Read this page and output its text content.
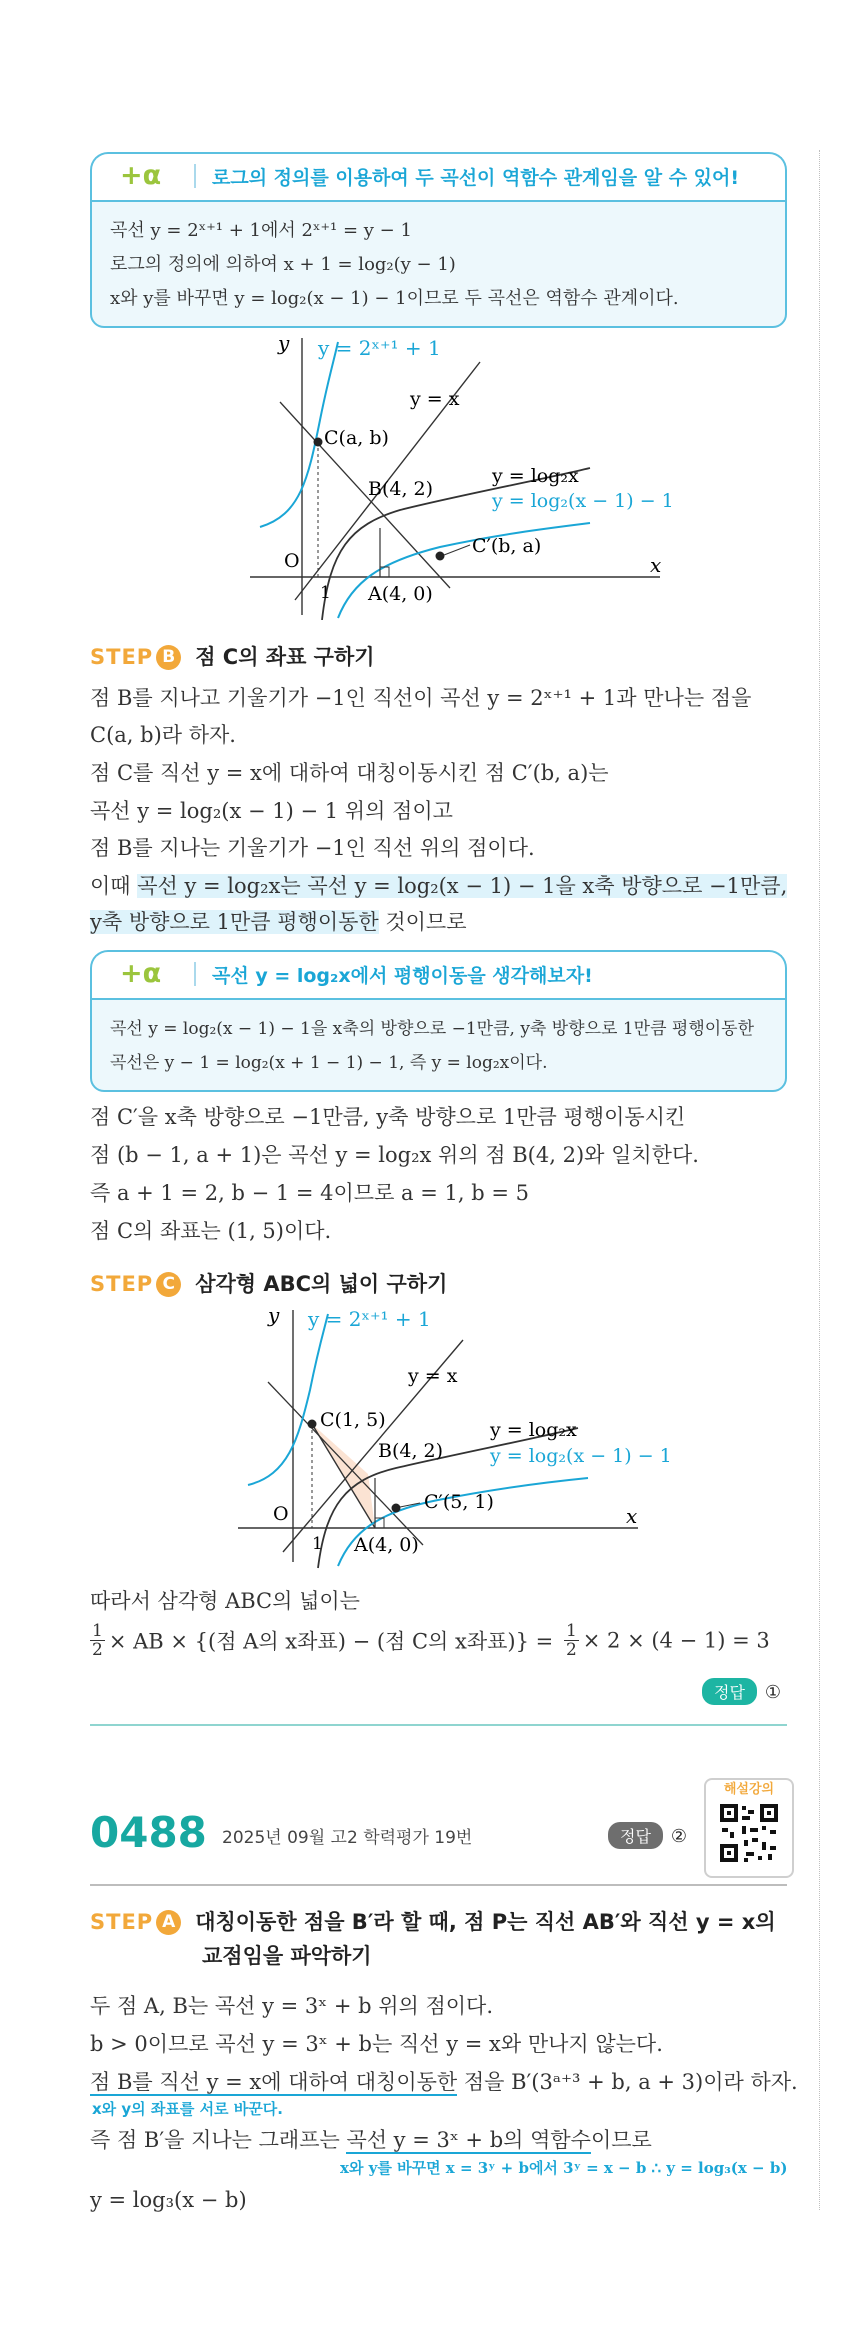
+α	로그의 정의를 이용하여 두 곡선이 역함수 관계임을 알 수 있어!
곡선 y = 2ˣ⁺¹ + 1에서 2ˣ⁺¹ = y − 1
로그의 정의에 의하여 x + 1 = log₂(y − 1)
x와 y를 바꾸면 y = log₂(x − 1) − 1이므로 두 곡선은 역함수 관계이다.
y
x
O
1
y = 2ˣ⁺¹ + 1
y = x
y = log₂x
y = log₂(x − 1) − 1
C(a, b)
B(4, 2)
C′(b, a)
A(4, 0)
STEP B 점 C의 좌표 구하기
점 B를 지나고 기울기가 −1인 직선이 곡선 y = 2ˣ⁺¹ + 1과 만나는 점을
C(a, b)라 하자.
점 C를 직선 y = x에 대하여 대칭이동시킨 점 C′(b, a)는
곡선 y = log₂(x − 1) − 1 위의 점이고
점 B를 지나는 기울기가 −1인 직선 위의 점이다.
이때 곡선 y = log₂x는 곡선 y = log₂(x − 1) − 1을 x축 방향으로 −1만큼,
y축 방향으로 1만큼 평행이동한 것이므로
+α	곡선 y = log₂x에서 평행이동을 생각해보자!
곡선 y = log₂(x − 1) − 1을 x축의 방향으로 −1만큼, y축 방향으로 1만큼 평행이동한
곡선은 y − 1 = log₂(x + 1 − 1) − 1, 즉 y = log₂x이다.
점 C′을 x축 방향으로 −1만큼, y축 방향으로 1만큼 평행이동시킨
점 (b − 1, a + 1)은 곡선 y = log₂x 위의 점 B(4, 2)와 일치한다.
즉 a + 1 = 2, b − 1 = 4이므로 a = 1, b = 5
점 C의 좌표는 (1, 5)이다.
STEP C 삼각형 ABC의 넓이 구하기
y
x
O
1
y = 2ˣ⁺¹ + 1
y = x
y = log₂x
y = log₂(x − 1) − 1
C(1, 5)
B(4, 2)
C′(5, 1)
A(4, 0)
따라서 삼각형 ABC의 넓이는
$\frac{1}{2}$ × AB × {(점 A의 x좌표) − (점 C의 x좌표)} = $\frac{1}{2} \times 2 \times (4 - 1) = 3$
정답 ①
0488 2025년 09월 고2 학력평가 19번	정답 ②
해설강의
STEP A 대칭이동한 점을 B′라 할 때, 점 P는 직선 AB′와 직선 y = x의
교점임을 파악하기
두 점 A, B는 곡선 y = 3ˣ + b 위의 점이다.
b > 0이므로 곡선 y = 3ˣ + b는 직선 y = x와 만나지 않는다.
점 B를 직선 y = x에 대하여 대칭이동한 점을 B′(3ᵃ⁺³ + b, a + 3)이라 하자.
x와 y의 좌표를 서로 바꾼다.
즉 점 B′을 지나는 그래프는 곡선 y = 3ˣ + b의 역함수이므로
x와 y를 바꾸면 x = 3ʸ + b에서 3ʸ = x − b ∴ y = log₃(x − b)
y = log₃(x − b)
